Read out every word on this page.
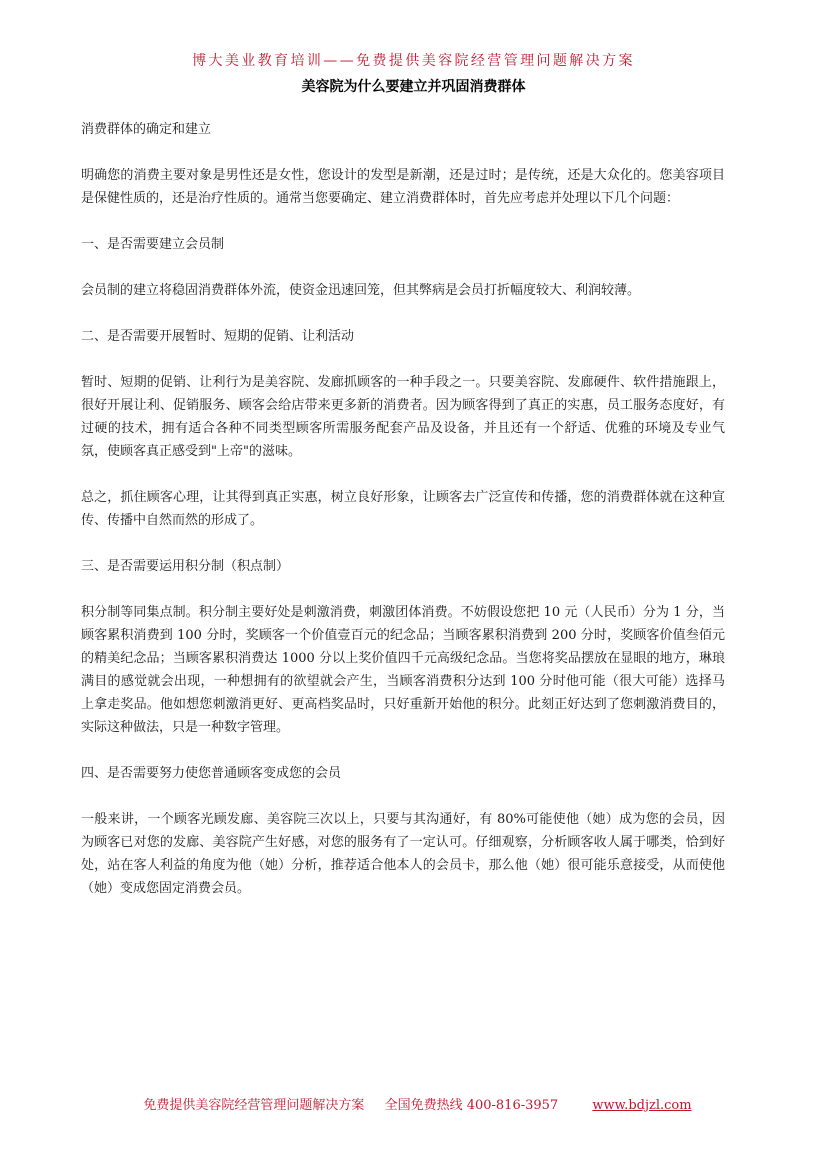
博大美业教育培训——免费提供美容院经营管理问题解决方案
美容院为什么要建立并巩固消费群体

消费群体的确定和建立

明确您的消费主要对象是男性还是女性，您设计的发型是新潮，还是过时；是传统，还是大众化的。您美容项目是保健性质的，还是治疗性质的。通常当您要确定、建立消费群体时，首先应考虑并处理以下几个问题：

一、是否需要建立会员制

会员制的建立将稳固消费群体外流，使资金迅速回笼，但其弊病是会员打折幅度较大、利润较薄。

二、是否需要开展暂时、短期的促销、让利活动

暂时、短期的促销、让利行为是美容院、发廊抓顾客的一种手段之一。只要美容院、发廊硬件、软件措施跟上，很好开展让利、促销服务、顾客会给店带来更多新的消费者。因为顾客得到了真正的实惠，员工服务态度好，有过硬的技术，拥有适合各种不同类型顾客所需服务配套产品及设备，并且还有一个舒适、优雅的环境及专业气氛，使顾客真正感受到"上帝"的滋味。

总之，抓住顾客心理，让其得到真正实惠，树立良好形象，让顾客去广泛宣传和传播，您的消费群体就在这种宣传、传播中自然而然的形成了。

三、是否需要运用积分制（积点制）

积分制等同集点制。积分制主要好处是刺激消费，刺激团体消费。不妨假设您把 10 元（人民币）分为 1 分，当顾客累积消费到 100 分时，奖顾客一个价值壹百元的纪念品；当顾客累积消费到 200 分时，奖顾客价值叁佰元的精美纪念品；当顾客累积消费达 1000 分以上奖价值四千元高级纪念品。当您将奖品摆放在显眼的地方，琳琅满目的感觉就会出现，一种想拥有的欲望就会产生，当顾客消费积分达到 100 分时他可能（很大可能）选择马上拿走奖品。他如想您刺激消更好、更高档奖品时，只好重新开始他的积分。此刻正好达到了您刺激消费目的，实际这种做法，只是一种数字管理。

四、是否需要努力使您普通顾客变成您的会员

一般来讲，一个顾客光顾发廊、美容院三次以上，只要与其沟通好，有 80%可能使他（她）成为您的会员，因为顾客已对您的发廊、美容院产生好感，对您的服务有了一定认可。仔细观察，分析顾客收人属于哪类，恰到好处，站在客人利益的角度为他（她）分析，推荐适合他本人的会员卡，那么他（她）很可能乐意接受，从而使他（她）变成您固定消费会员。

免费提供美容院经营管理问题解决方案 全国免费热线 400-816-3957	www.bdjzl.com
